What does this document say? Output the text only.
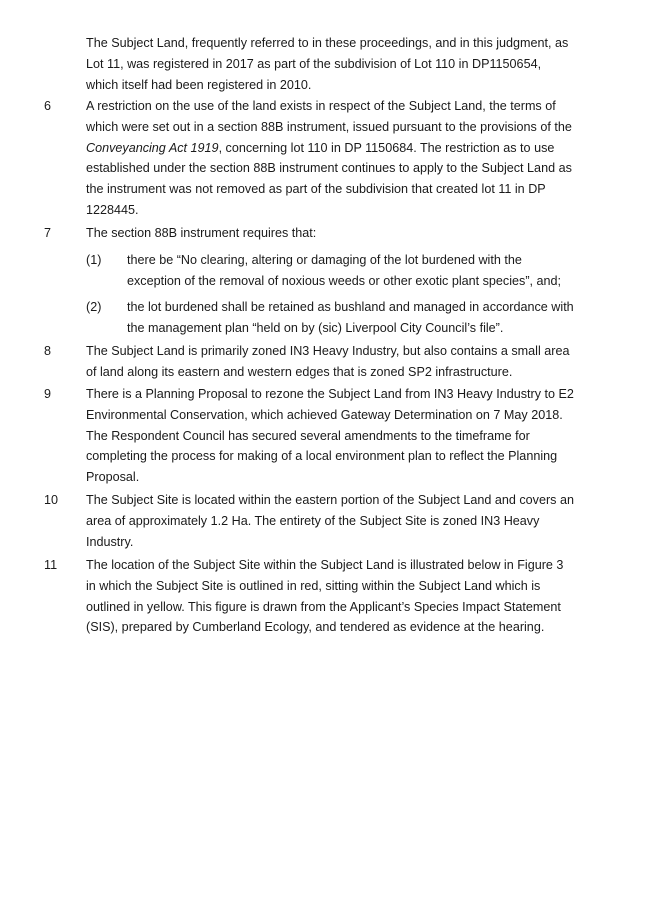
The Subject Land, frequently referred to in these proceedings, and in this judgment, as
Lot 11, was registered in 2017 as part of the subdivision of Lot 110 in DP1150654,
which itself had been registered in 2010.
6	A restriction on the use of the land exists in respect of the Subject Land, the terms of
which were set out in a section 88B instrument, issued pursuant to the provisions of the
Conveyancing Act 1919, concerning lot 110 in DP 1150684. The restriction as to use
established under the section 88B instrument continues to apply to the Subject Land as
the instrument was not removed as part of the subdivision that created lot 11 in DP
1228445.
7	The section 88B instrument requires that:
(1) there be “No clearing, altering or damaging of the lot burdened with the
exception of the removal of noxious weeds or other exotic plant species”, and;
(2) the lot burdened shall be retained as bushland and managed in accordance with
the management plan “held on by (sic) Liverpool City Council’s file”.
8	The Subject Land is primarily zoned IN3 Heavy Industry, but also contains a small area
of land along its eastern and western edges that is zoned SP2 infrastructure.
9	There is a Planning Proposal to rezone the Subject Land from IN3 Heavy Industry to E2
Environmental Conservation, which achieved Gateway Determination on 7 May 2018.
The Respondent Council has secured several amendments to the timeframe for
completing the process for making of a local environment plan to reflect the Planning
Proposal.
10 The Subject Site is located within the eastern portion of the Subject Land and covers an
area of approximately 1.2 Ha. The entirety of the Subject Site is zoned IN3 Heavy
Industry.
11 The location of the Subject Site within the Subject Land is illustrated below in Figure 3
in which the Subject Site is outlined in red, sitting within the Subject Land which is
outlined in yellow. This figure is drawn from the Applicant’s Species Impact Statement
(SIS), prepared by Cumberland Ecology, and tendered as evidence at the hearing.
